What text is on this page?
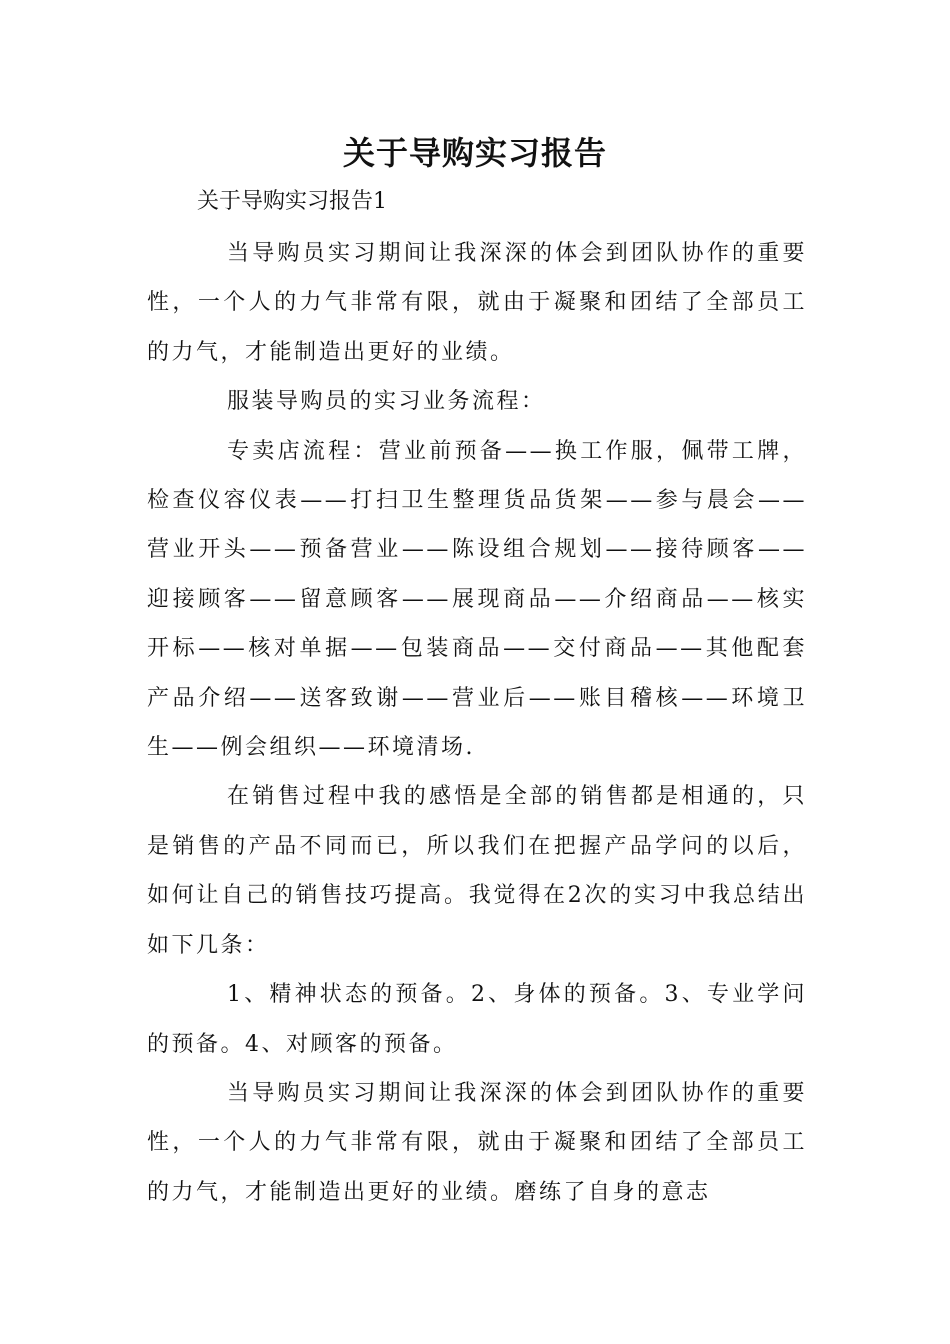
关于导购实习报告
关于导购实习报告1

当导购员实习期间让我深深的体会到团队协作的重要性，一个人的力气非常有限，就由于凝聚和团结了全部员工的力气，才能制造出更好的业绩。

服装导购员的实习业务流程：

专卖店流程：营业前预备——换工作服，佩带工牌，检查仪容仪表——打扫卫生整理货品货架——参与晨会——营业开头——预备营业——陈设组合规划——接待顾客——迎接顾客——留意顾客——展现商品——介绍商品——核实开标——核对单据——包装商品——交付商品——其他配套产品介绍——送客致谢——营业后——账目稽核——环境卫生——例会组织——环境清场.

在销售过程中我的感悟是全部的销售都是相通的，只是销售的产品不同而已，所以我们在把握产品学问的以后，如何让自己的销售技巧提高。我觉得在2次的实习中我总结出如下几条：

1、精神状态的预备。2、身体的预备。3、专业学问的预备。4、对顾客的预备。

当导购员实习期间让我深深的体会到团队协作的重要性，一个人的力气非常有限，就由于凝聚和团结了全部员工的力气，才能制造出更好的业绩。磨练了自身的意志
